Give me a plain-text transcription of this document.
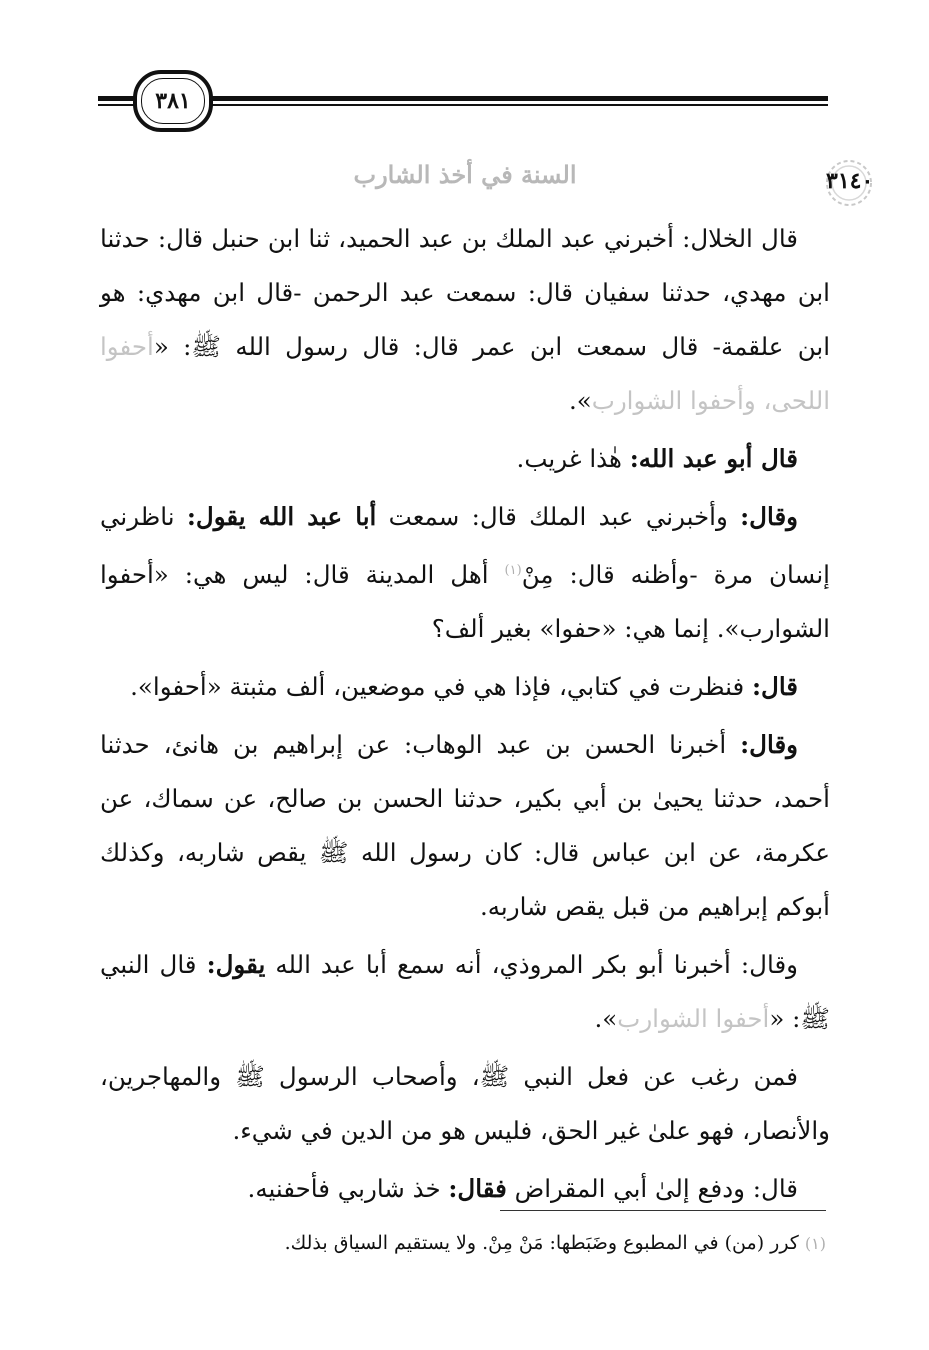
٣٨١
٣١٤٠
السنة في أخذ الشارب

قال الخلال: أخبرني عبد الملك بن عبد الحميد، ثنا ابن حنبل قال: حدثنا ابن مهدي، حدثنا سفيان قال: سمعت عبد الرحمن -قال ابن مهدي: هو ابن علقمة- قال سمعت ابن عمر قال: قال رسول الله ﷺ: «أحفوا اللحى، وأحفوا الشوارب».

قال أبو عبد الله: هٰذا غريب.

وقال: وأخبرني عبد الملك قال: سمعت أبا عبد الله يقول: ناظرني إنسان مرة -وأظنه قال: مِنْ$^{(١)}$ أهل المدينة قال: ليس هي: «أحفوا الشوارب». إنما هي: «حفوا» بغير ألف؟

قال: فنظرت في كتابي، فإذا هي في موضعين، ألف مثبتة «أحفوا».

وقال: أخبرنا الحسن بن عبد الوهاب: عن إبراهيم بن هانئ، حدثنا أحمد، حدثنا يحيىٰ بن أبي بكير، حدثنا الحسن بن صالح، عن سماك، عن عكرمة، عن ابن عباس قال: كان رسول الله ﷺ يقص شاربه، وكذلك أبوكم إبراهيم من قبل يقص شاربه.

وقال: أخبرنا أبو بكر المروذي، أنه سمع أبا عبد الله يقول: قال النبي ﷺ: «أحفوا الشوارب».

فمن رغب عن فعل النبي ﷺ، وأصحاب الرسول ﷺ والمهاجرين، والأنصار، فهو علىٰ غير الحق، فليس هو من الدين في شيء.

قال: ودفع إلىٰ أبي المقراض فقال: خذ شاربي فأحفنيه.

(١) كرر (من) في المطبوع وضَبَطها: مَنْ مِنْ. ولا يستقيم السياق بذلك.
